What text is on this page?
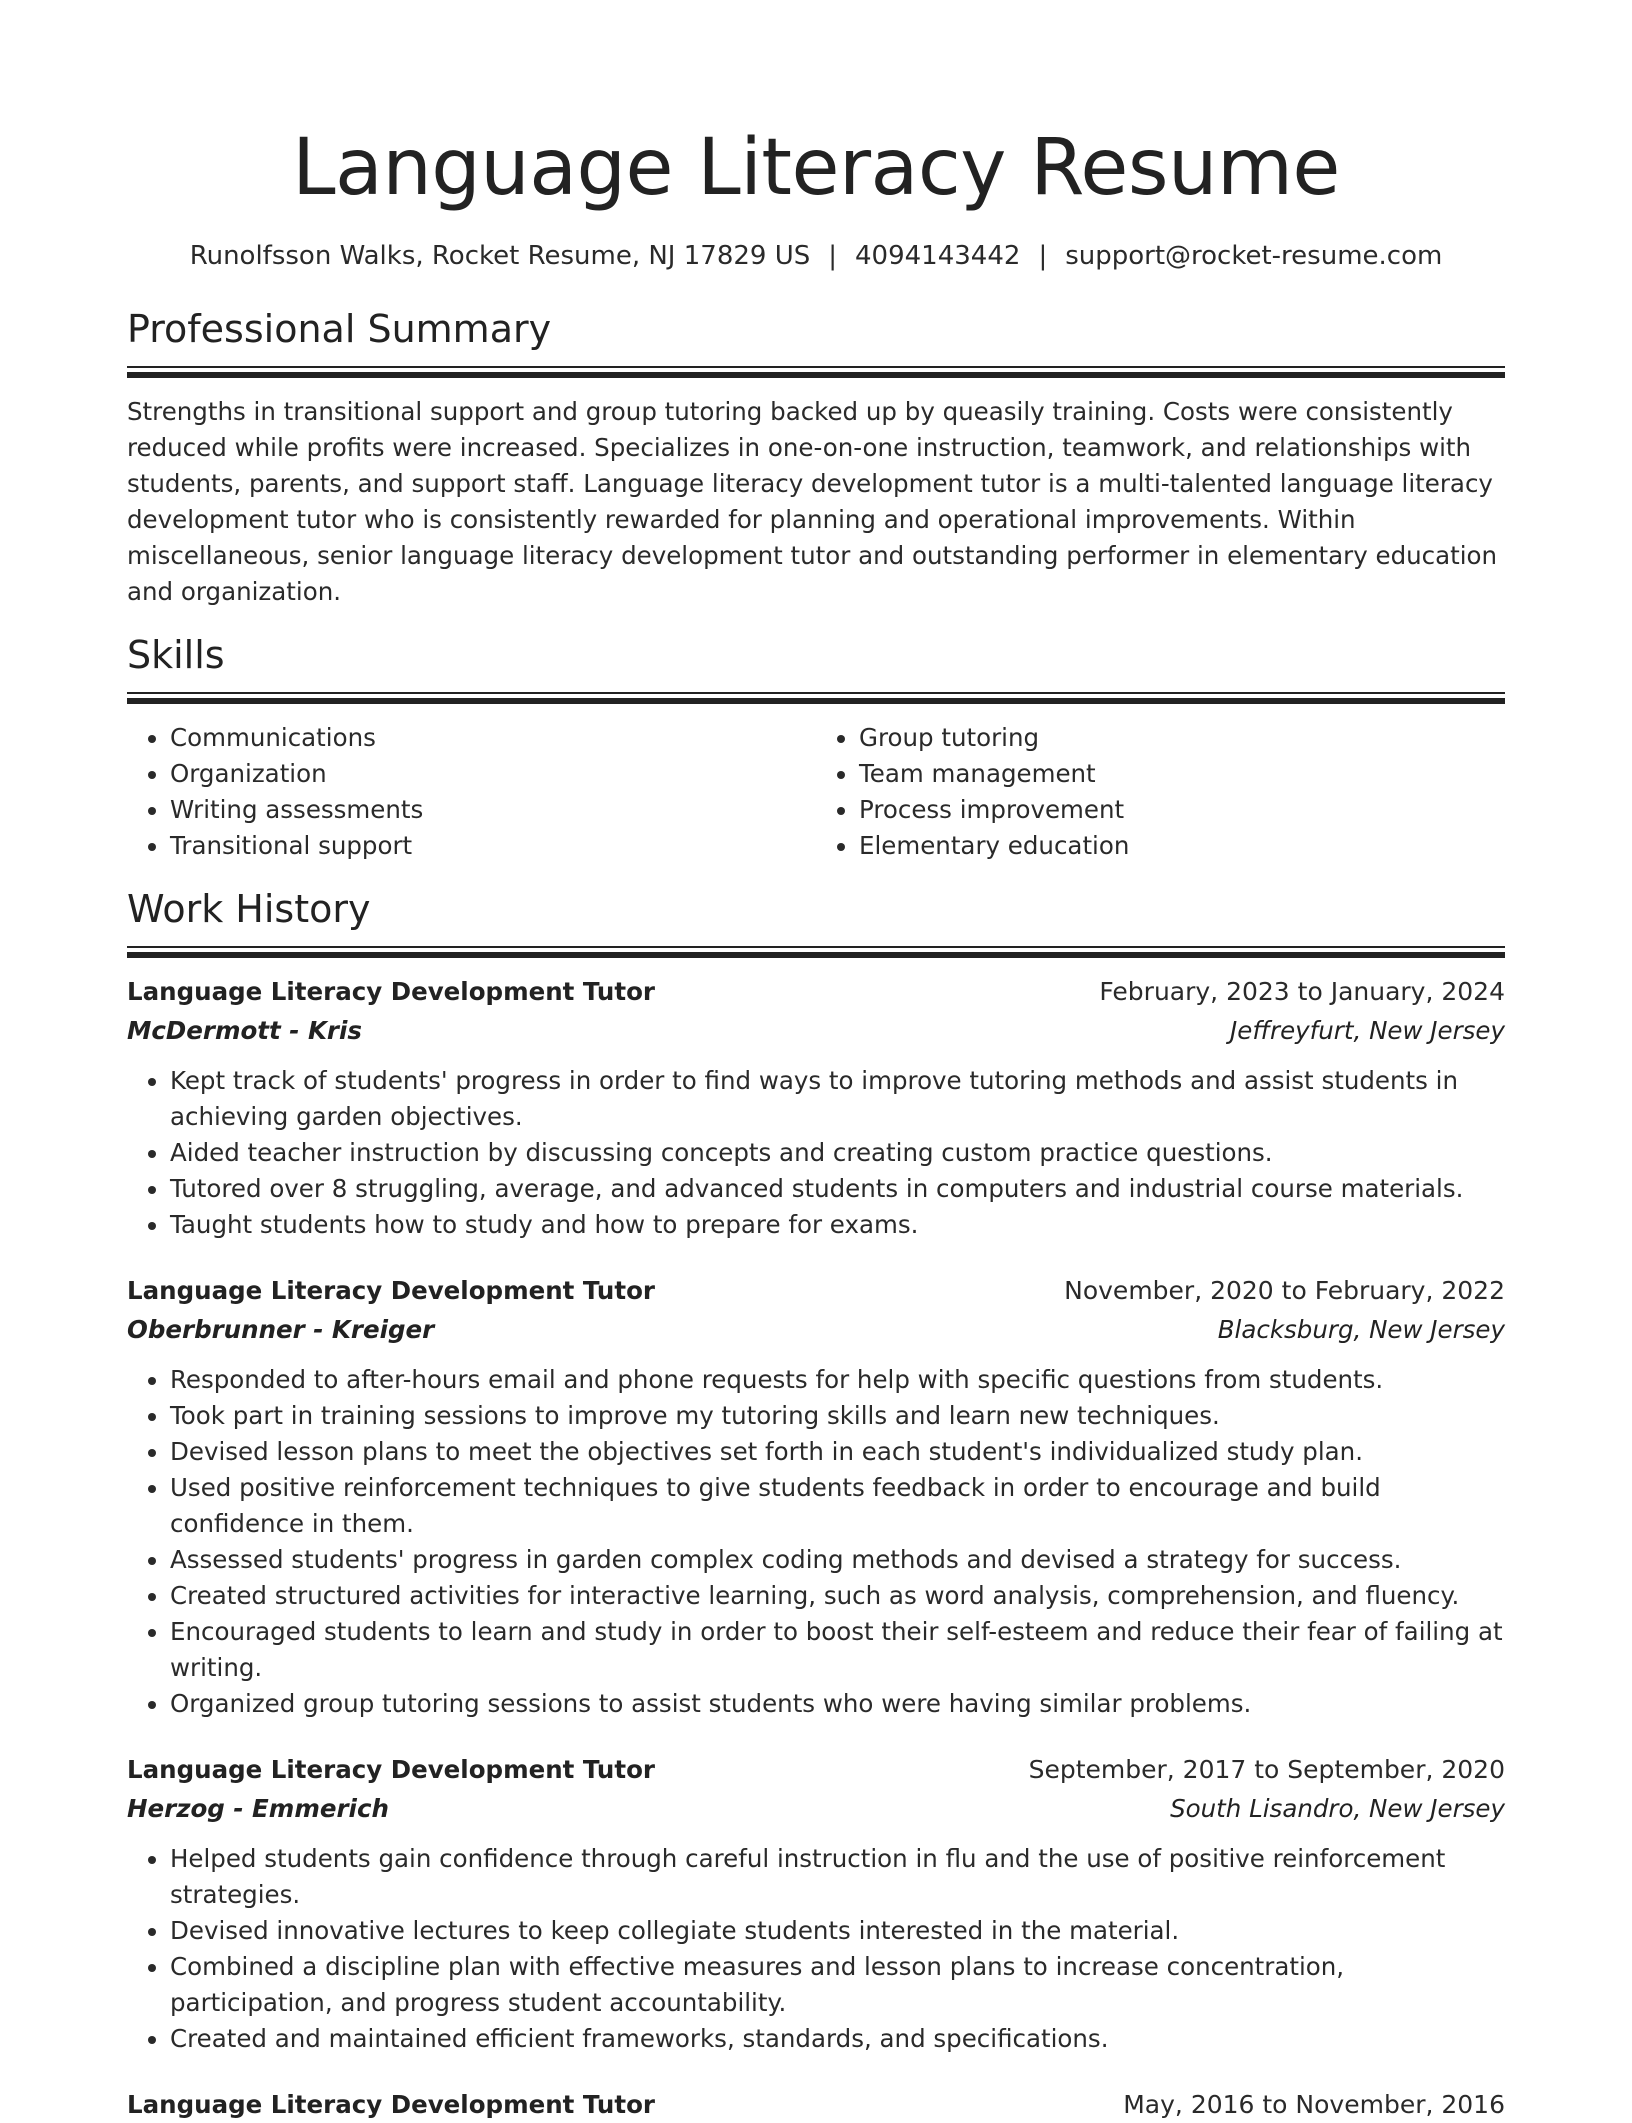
Language Literacy Resume
Runolfsson Walks, Rocket Resume, NJ 17829 US | 4094143442 | support@rocket-resume.com
Professional Summary
Strengths in transitional support and group tutoring backed up by queasily training. Costs were consistently reduced while profits were increased. Specializes in one-on-one instruction, teamwork, and relationships with students, parents, and support staff. Language literacy development tutor is a multi-talented language literacy development tutor who is consistently rewarded for planning and operational improvements. Within miscellaneous, senior language literacy development tutor and outstanding performer in elementary education and organization.
Skills
• Communications
• Organization
• Writing assessments
• Transitional support
• Group tutoring
• Team management
• Process improvement
• Elementary education
Work History
Language Literacy Development Tutor	February, 2023 to January, 2024
McDermott - Kris	Jeffreyfurt, New Jersey
• Kept track of students' progress in order to find ways to improve tutoring methods and assist students in achieving garden objectives.
• Aided teacher instruction by discussing concepts and creating custom practice questions.
• Tutored over 8 struggling, average, and advanced students in computers and industrial course materials.
• Taught students how to study and how to prepare for exams.
Language Literacy Development Tutor	November, 2020 to February, 2022
Oberbrunner - Kreiger	Blacksburg, New Jersey
• Responded to after-hours email and phone requests for help with specific questions from students.
• Took part in training sessions to improve my tutoring skills and learn new techniques.
• Devised lesson plans to meet the objectives set forth in each student's individualized study plan.
• Used positive reinforcement techniques to give students feedback in order to encourage and build confidence in them.
• Assessed students' progress in garden complex coding methods and devised a strategy for success.
• Created structured activities for interactive learning, such as word analysis, comprehension, and fluency.
• Encouraged students to learn and study in order to boost their self-esteem and reduce their fear of failing at writing.
• Organized group tutoring sessions to assist students who were having similar problems.
Language Literacy Development Tutor	September, 2017 to September, 2020
Herzog - Emmerich	South Lisandro, New Jersey
• Helped students gain confidence through careful instruction in flu and the use of positive reinforcement strategies.
• Devised innovative lectures to keep collegiate students interested in the material.
• Combined a discipline plan with effective measures and lesson plans to increase concentration, participation, and progress student accountability.
• Created and maintained efficient frameworks, standards, and specifications.
Language Literacy Development Tutor	May, 2016 to November, 2016
